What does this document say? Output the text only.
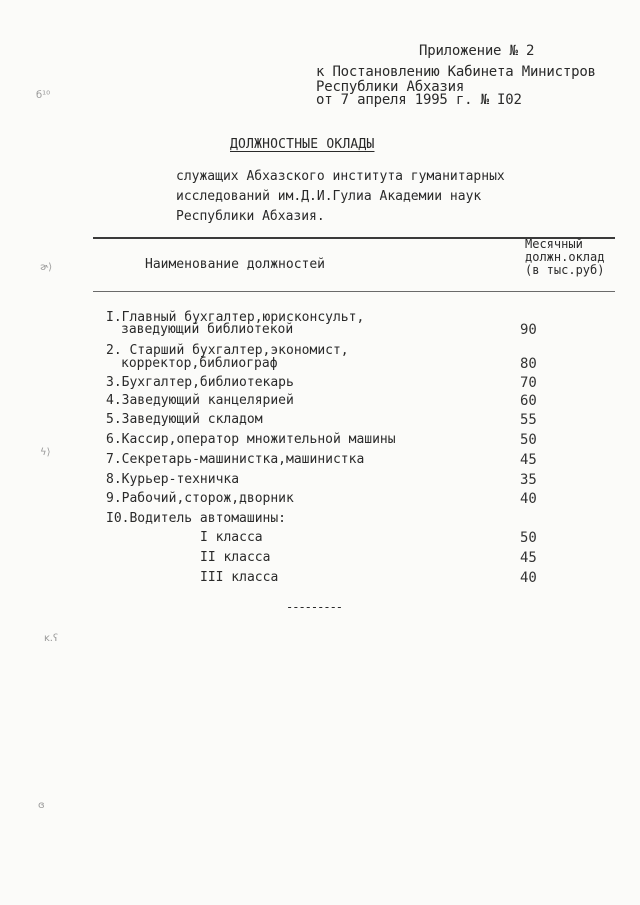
б¹⁰
ɚ⟩
ϟ⟩
ĸ.ʕ
ɞ
Приложение № 2
к Постановлению Кабинета Министров
Республики Абхазия
от 7 апреля 1995 г. № I02
ДОЛЖНОСТНЫЕ ОКЛАДЫ
служащих Абхазского института гуманитарных
исследований им.Д.И.Гулиа Академии наук
Республики Абхазия.
Наименование должностей
Месячный
должн.оклад
(в тыс.руб)
I.Главный бухгалтер,юрисконсульт,
заведующий библиотекой	90
2. Старший бухгалтер,экономист,
корректор,библиограф	80
3.Бухгалтер,библиотекарь	70
4.Заведующий канцелярией	60
5.Заведующий складом	55
6.Кассир,оператор множительной машины	50
7.Секретарь-машинистка,машинистка	45
8.Курьер-техничка	35
9.Рабочий,сторож,дворник	40
I0.Водитель автомашины:
I класса	50
II класса	45
III класса	40
---------
